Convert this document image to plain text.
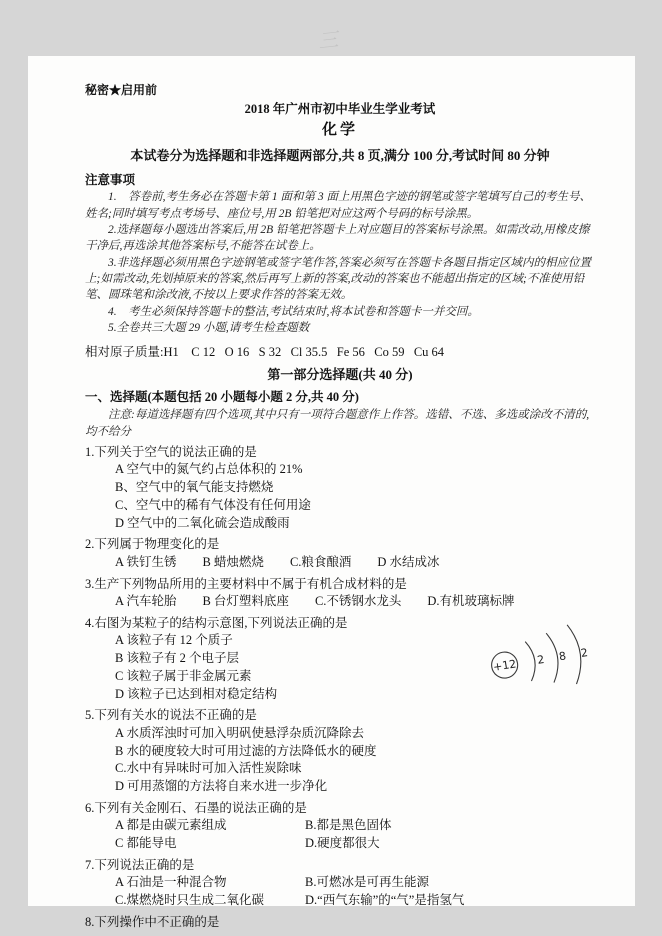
三
秘密★启用前
2018 年广州市初中毕业生学业考试
化学
本试卷分为选择题和非选择题两部分,共 8 页,满分 100 分,考试时间 80 分钟
注意事项
1.　答卷前,考生务必在答题卡第 1 面和第 3 面上用黑色字迹的钢笔或签字笔填写自己的考生号、姓名;同时填写考点考场号、座位号,用 2B 铅笔把对应这两个号码的标号涂黑。
2.选择题每小题选出答案后,用 2B 铅笔把答题卡上对应题目的答案标号涂黑。如需改动,用橡皮擦干净后,再选涂其他答案标号,不能答在试卷上。
3.非选择题必须用黑色字迹钢笔或签字笔作答,答案必须写在答题卡各题目指定区域内的相应位置上;如需改动,先划掉原来的答案,然后再写上新的答案,改动的答案也不能超出指定的区域;不准使用铅笔、圆珠笔和涂改液,不按以上要求作答的答案无效。
4.　考生必须保持答题卡的整洁,考试结束时,将本试卷和答题卡一并交回。
5.全卷共三大题 29 小题,请考生检查题数
相对原子质量:H1    C 12   O 16   S 32   Cl 35.5   Fe 56   Co 59   Cu 64
第一部分选择题(共 40 分)
一、选择题(本题包括 20 小题每小题 2 分,共 40 分)
注意:每道选择题有四个选项,其中只有一项符合题意作上作答。选错、不选、多选或涂改不清的,均不给分
1.下列关于空气的说法正确的是
A 空气中的氮气约占总体积的 21%
B、空气中的氧气能支持燃烧
C、空气中的稀有气体没有任何用途
D 空气中的二氧化硫会造成酸雨
2.下列属于物理变化的是
A 铁钉生锈 B 蜡烛燃烧 C.粮食酿酒 D 水结成冰
3.生产下列物品所用的主要材料中不属于有机合成材料的是
A 汽车轮胎 B 台灯塑料底座 C.不锈钢水龙头 D.有机玻璃标牌
4.右图为某粒子的结构示意图,下列说法正确的是
A 该粒子有 12 个质子
B 该粒子有 2 个电子层
C 该粒子属于非金属元素
D 该粒子已达到相对稳定结构
+12 2 8 2
5.下列有关水的说法不正确的是
A 水质浑浊时可加入明矾使悬浮杂质沉降除去
B 水的硬度较大时可用过滤的方法降低水的硬度
C.水中有异味时可加入活性炭除味
D 可用蒸馏的方法将自来水进一步净化
6.下列有关金刚石、石墨的说法正确的是
A 都是由碳元素组成	B.都是黑色固体
C 都能导电	D.硬度都很大
7.下列说法正确的是
A 石油是一种混合物	B.可燃冰是可再生能源
C.煤燃烧时只生成二氧化碳	D.“西气东输”的“气”是指氢气
8.下列操作中不正确的是
